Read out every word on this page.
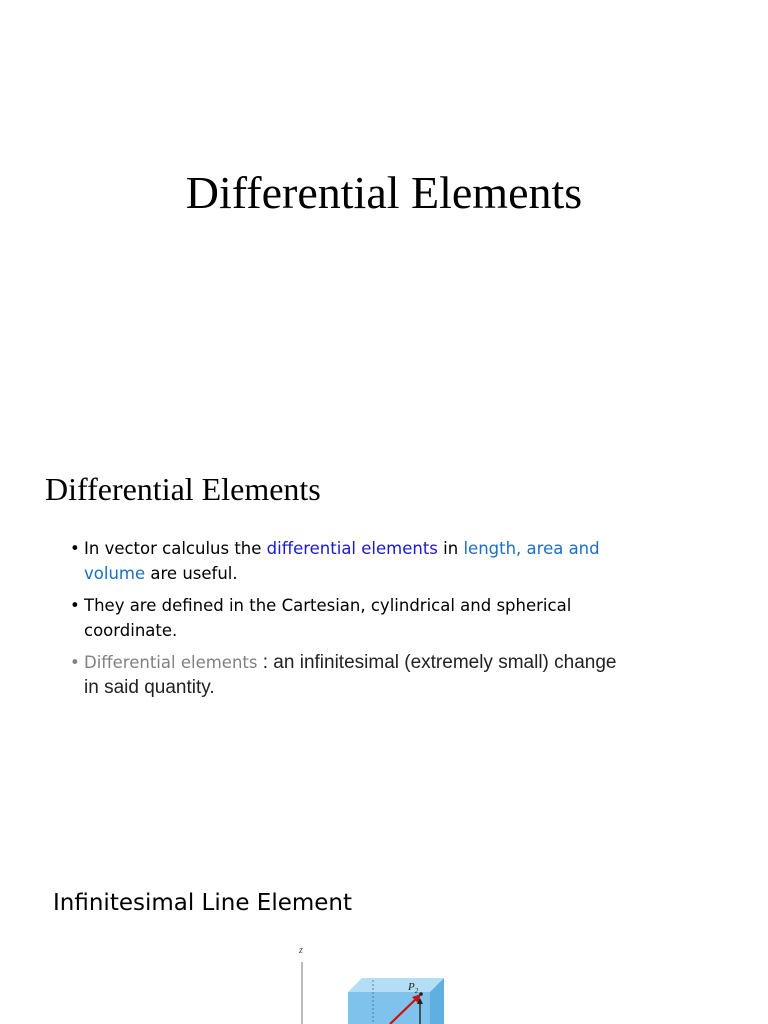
Differential Elements
Differential Elements
• In vector calculus the differential elements in length, area and volume are useful.
• They are defined in the Cartesian, cylindrical and spherical coordinate.
• Differential elements : an infinitesimal (extremely small) change in said quantity.
Infinitesimal Line Element
z
$P_2$
